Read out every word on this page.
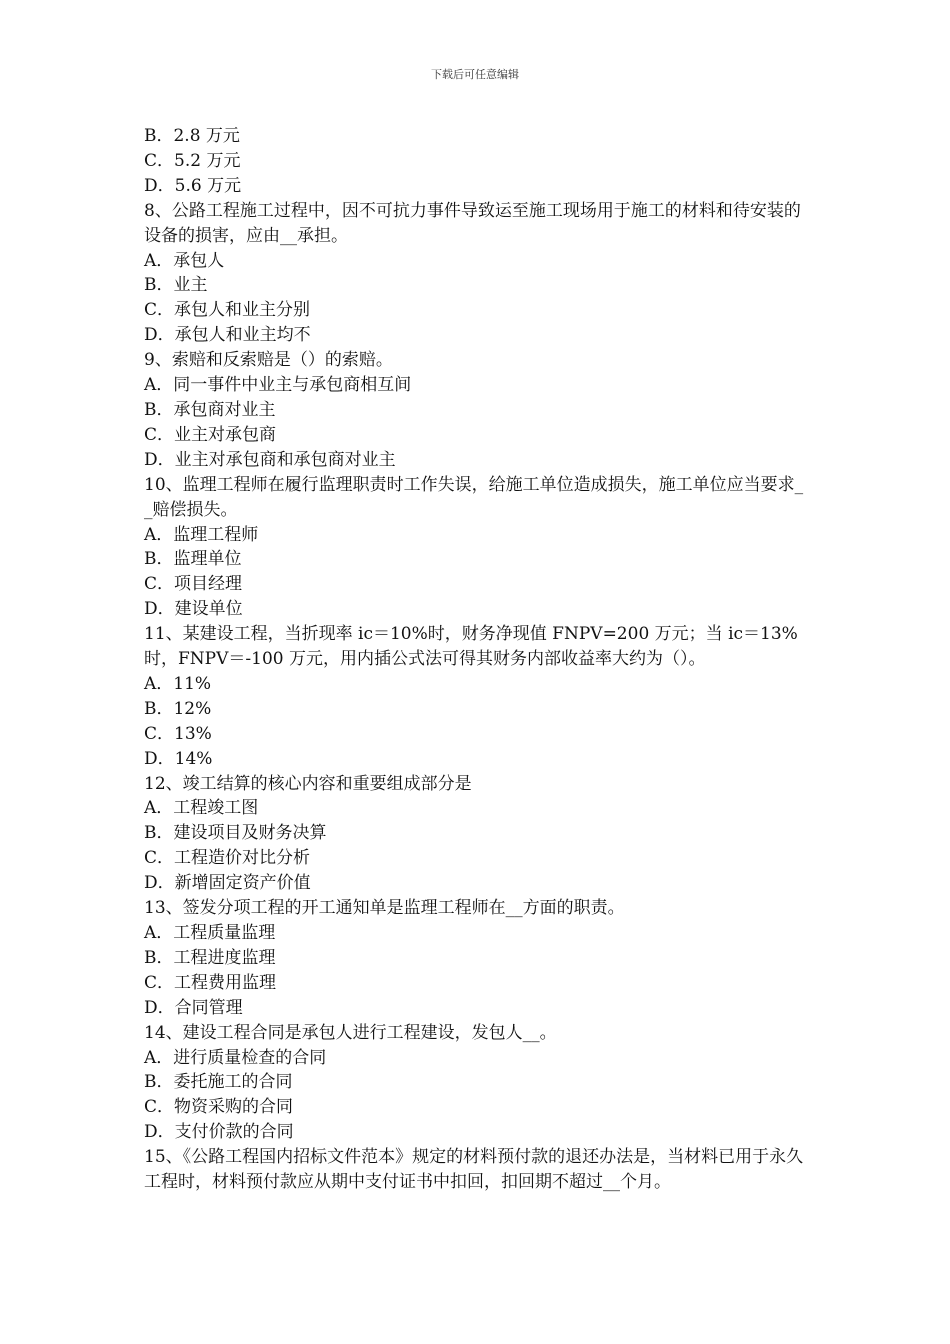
下载后可任意编辑

B．2.8 万元

C．5.2 万元

D．5.6 万元

8、公路工程施工过程中，因不可抗力事件导致运至施工现场用于施工的材料和待安装的设备的损害，应由__承担。

A．承包人

B．业主

C．承包人和业主分别

D．承包人和业主均不

9、索赔和反索赔是（）的索赔。

A．同一事件中业主与承包商相互间

B．承包商对业主

C．业主对承包商

D．业主对承包商和承包商对业主

10、监理工程师在履行监理职责时工作失误，给施工单位造成损失，施工单位应当要求__赔偿损失。

A．监理工程师

B．监理单位

C．项目经理

D．建设单位

11、某建设工程，当折现率 ic＝10%时，财务净现值 FNPV=200 万元；当 ic＝13%时，FNPV＝-100 万元，用内插公式法可得其财务内部收益率大约为（）。

A．11%

B．12%

C．13%

D．14%

12、竣工结算的核心内容和重要组成部分是

A．工程竣工图

B．建设项目及财务决算

C．工程造价对比分析

D．新增固定资产价值

13、签发分项工程的开工通知单是监理工程师在__方面的职责。

A．工程质量监理

B．工程进度监理

C．工程费用监理

D．合同管理

14、建设工程合同是承包人进行工程建设，发包人__。

A．进行质量检查的合同

B．委托施工的合同

C．物资采购的合同

D．支付价款的合同

15、《公路工程国内招标文件范本》规定的材料预付款的退还办法是，当材料已用于永久工程时，材料预付款应从期中支付证书中扣回，扣回期不超过__个月。
